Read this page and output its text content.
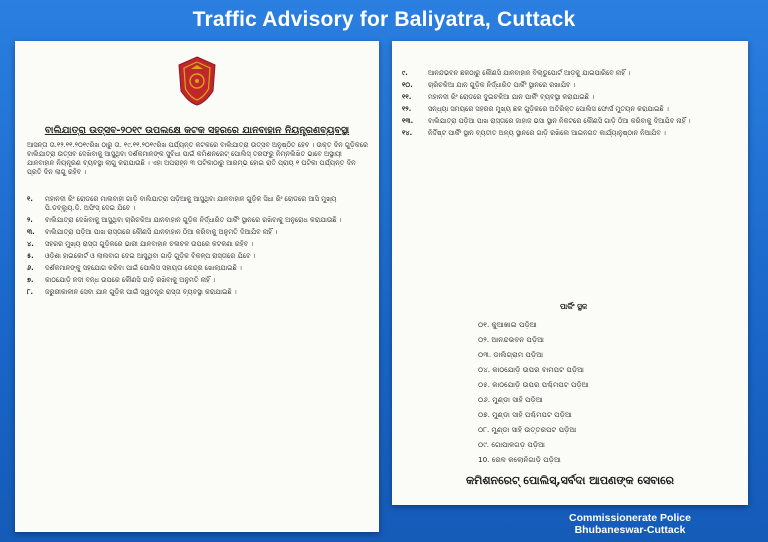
Traffic Advisory for Baliyatra, Cuttack
ବାଲିଯାତ୍ରା ଉତ୍ସବ-୨୦୧୯ ଉପଲକ୍ଷେ କଟକ ସହରରେ ଯାନବାହାନ ନିୟନ୍ତ୍ରଣବ୍ୟବସ୍ଥା
ଆସନ୍ତା ତା.୧୨.୧୧.୨୦୧୯ରିଖ ଠାରୁ ତା. ୧୯.୧୧.୨୦୧୯ରିଖ ପର୍ଯ୍ୟନ୍ତ କଟକରେ ବାଲିଯାତ୍ରା ଉତ୍ସବ ଅନୁଷ୍ଠିତ ହେବ । ଉକ୍ତ ଦିନ ଗୁଡ଼ିକରେ ବାଲିଯାତ୍ରା ଉତ୍ସବ ଦେଖିବାକୁ ଆସୁଥିବା ଦର୍ଶକମାନଙ୍କ ସୁବିଧା ପାଇଁ କମିଶନରେଟ୍ ପୋଲିସ୍ ତରଫରୁ ନିମ୍ନଲିଖିତ ଭାବେ ଅସ୍ଥାୟୀ ଯାନବାହାନ ନିୟନ୍ତ୍ରଣ ବ୍ୟବସ୍ଥା ଲାଗୁ କରାଯାଉଛି । ଏହା ଅପରାହ୍ନ ୩ ଘଟିକାଠାରୁ ଆରମ୍ଭ ହୋଇ ରାତି ପ୍ରାୟ ୧ ଘଟିକା ପର୍ଯ୍ୟନ୍ତ ଦିନ ପ୍ରତି ଦିନ ଲାଗୁ ରହିବ ।
୧.	ମହାନଦୀ ରିଂ ରୋଡରେ ମାଲବାହୀ ଗାଡ଼ି ବାଲିଯାତ୍ରା ପଡ଼ିଆକୁ ଆସୁଥିବା ଯାନବାହାନ ଗୁଡ଼ିକ ସିଧା ରିଂ ରୋଡରେ ଆସି ମୁଖ୍ୟ ପି.ଡବ୍ଲ୍ୟୁ.ଡି. ଅଫିସ୍ ଦେଇ ଯିବେ ।
୨.	ବାଲିଯାତ୍ରା ଦେଖିବାକୁ ଆସୁଥିବା ଚାରିଚକିଆ ଯାନବାହାନ ଗୁଡ଼ିକ ନିର୍ଦ୍ଧାରିତ ପାର୍କିଂ ସ୍ଥାନରେ ରଖିବାକୁ ଅନୁରୋଧ କରାଯାଉଛି ।
୩.	ବାଲିଯାତ୍ରା ପଡ଼ିଆ ପାଖ ରାସ୍ତାରେ କୌଣସି ଯାନବାହାନ ଠିଆ କରିବାକୁ ଅନୁମତି ଦିଆଯିବ ନାହିଁ ।
୪.	ସହରର ମୁଖ୍ୟ ରାସ୍ତା ଗୁଡ଼ିକରେ ଭାରୀ ଯାନବାହାନ ଚଳାଚଳ ଉପରେ କଟକଣା ରହିବ ।
୫.	ଓଡ଼ିଶା ହାଇକୋର୍ଟ ଓ ଲାଲବାଗ ଦେଇ ଆସୁଥିବା ଗାଡ଼ି ଗୁଡ଼ିକ ବିକଳ୍ପ ରାସ୍ତାରେ ଯିବେ ।
୬.	ଦର୍ଶକମାନଙ୍କୁ ସହଯୋଗ କରିବା ପାଇଁ ପୋଲିସ ସହାୟତା କେନ୍ଦ୍ର ଖୋଲାଯାଇଛି ।
୭.	କାଠଯୋଡ଼ି ନଦୀ ବନ୍ଧ ଉପରେ କୌଣସି ଗାଡ଼ି ରଖିବାକୁ ଅନୁମତି ନାହିଁ ।
୮.	ଜରୁରୀକାଳୀନ ସେବା ଯାନ ଗୁଡ଼ିକ ପାଇଁ ସ୍ୱତନ୍ତ୍ର ରାସ୍ତା ବ୍ୟବସ୍ଥା କରାଯାଇଛି ।
୯.	ଆନନ୍ଦଭବନ ଛକଠାରୁ କୌଣସି ଯାନବାହାନ ବିଲ୍ଡୁପୋର୍ଟ ଆଡ଼କୁ ଯାଇପାରିବେ ନାହିଁ ।
୧୦.	ଚାରିଚକିଆ ଯାନ ଗୁଡ଼ିକ ନିର୍ଦ୍ଧାରିତ ପାର୍କିଂ ସ୍ଥାନରେ ରଖାଯିବ ।
୧୧.	ମହାନଦୀ ରିଂ ରୋଡରେ ଦୁଇଚକିଆ ଯାନ ପାର୍କିଂ ବ୍ୟବସ୍ଥା କରାଯାଇଛି ।
୧୨.	ସନ୍ଧ୍ୟା ସମୟରେ ସହରର ମୁଖ୍ୟ ଛକ ଗୁଡ଼ିକରେ ଅତିରିକ୍ତ ପୋଲିସ ଫୋର୍ସ ମୁତୟନ କରାଯାଇଛି ।
୧୩.	ବାଲିଯାତ୍ରା ପଡ଼ିଆ ପାଖ ରାସ୍ତାରେ ଜାହାଜ ଭସା ସ୍ଥାନ ନିକଟରେ କୌଣସି ଗାଡ଼ି ଠିଆ କରିବାକୁ ଦିଆଯିବ ନାହିଁ ।
୧୪.	ନିର୍ଦ୍ଦିଷ୍ଟ ପାର୍କିଂ ସ୍ଥାନ ବ୍ୟତୀତ ଅନ୍ୟ ସ୍ଥାନରେ ଗାଡ଼ି ରଖିଲେ ଆଇନଗତ କାର୍ଯ୍ୟାନୁଷ୍ଠାନ ନିଆଯିବ ।
ପାର୍କିଂ ସ୍ଥଳ
୦୧. କୁଆଖାଇ ପଡ଼ିଆ
୦୨. ଆନନ୍ଦଭବନ ପଡ଼ିଆ
୦୩. ଡାଲିଗ୍ରାମ ପଡ଼ିଆ
୦୪. କାଠଯୋଡ଼ି ଉପର ବାମପଟ ପଡ଼ିଆ
୦୫. କାଠଯୋଡ଼ି ଉପର ପଶ୍ଚିମପଟ ପଡ଼ିଆ
୦୬. ମୁଣ୍ଡା ସାହି ପଡ଼ିଆ
୦୭. ମୁଣ୍ଡା ସାହି ପଶ୍ଚିମପଟ ପଡ଼ିଆ
୦୮. ମୁଣ୍ଡା ସାହି ଉତ୍ତରପଟ ପଡ଼ିଆ
୦୯. ଗୋପାଳଗଡ଼ ପଡ଼ିଆ
10. ରେଳ କଲୋନିଗାଡ଼ି ପଡ଼ିଆ
କମିଶନରେଟ୍ ପୋଲିସ୍,ସର୍ବଦା ଆପଣଙ୍କ ସେବାରେ
Commissionerate Police
Bhubaneswar-Cuttack
